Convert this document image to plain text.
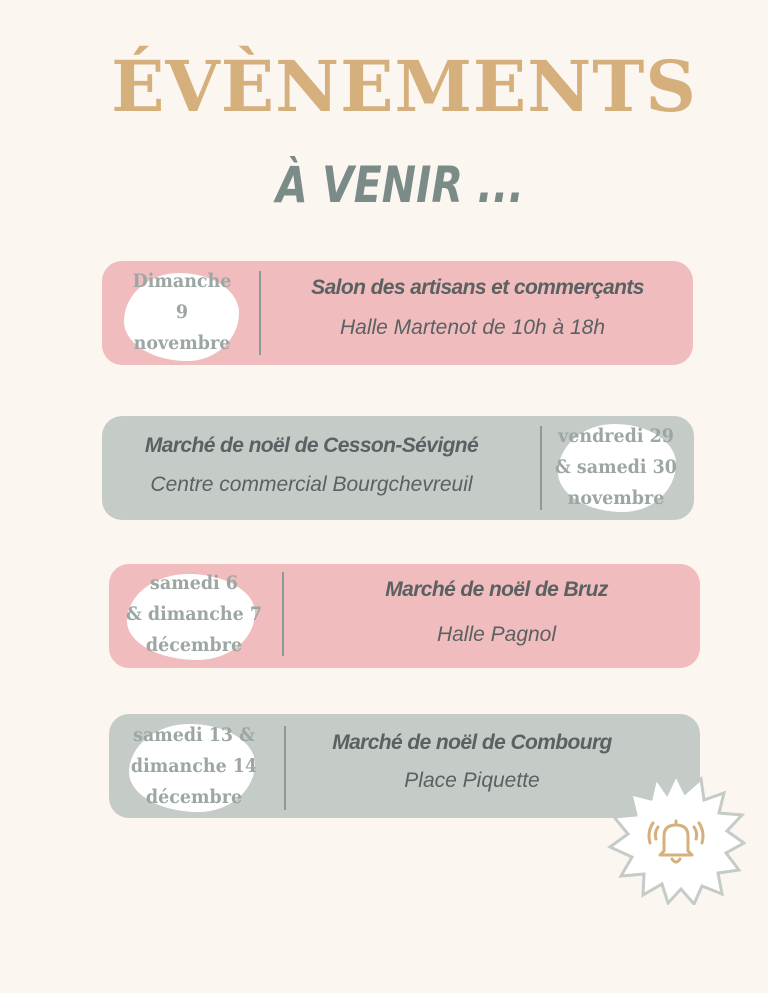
ÉVÈNEMENTS
À VENIR ...
Dimanche
9
novembre
Salon des artisans et commerçants
Halle Martenot de 10h à 18h
Marché de noël de Cesson-Sévigné
Centre commercial Bourgchevreuil
vendredi 29
& samedi 30
novembre
samedi 6
& dimanche 7
décembre
Marché de noël de Bruz
Halle Pagnol
samedi 13 &
dimanche 14
décembre
Marché de noël de Combourg
Place Piquette
